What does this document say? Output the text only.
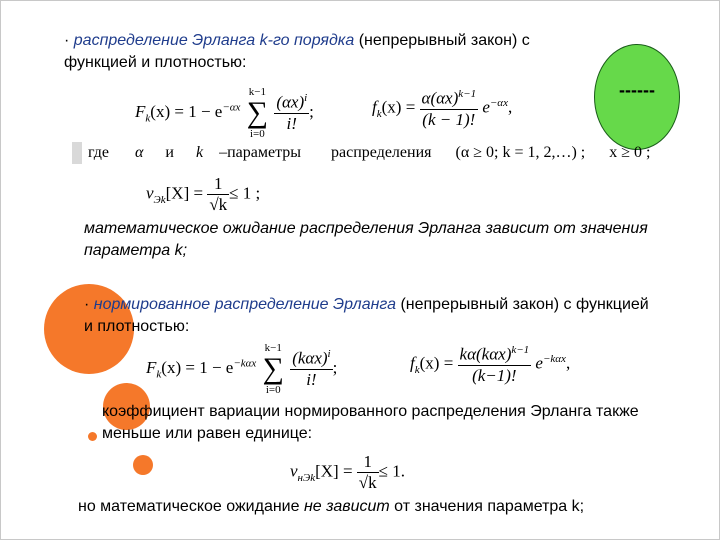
· распределение Эрланга k-го порядка (непрерывный закон) с функцией и плотностью:
------
$F_k(x) = 1 - e^{-\alpha x}$
k−1
∑
i=0

$\frac{(\alpha x)^i}{i!}$ ;	$f_k(x) = \frac{\alpha(\alpha x)^{k-1}}{(k - 1)!} e^{-\alpha x}$,
где α и k –параметры распределения (α ≥ 0; k = 1, 2,…) ; x ≥ 0 ;
$v_{Эk}[X] = \frac{1}{√k} \le 1$ ;
математическое ожидание распределения Эрланга зависит от значения параметра k;
· нормированное распределение Эрланга (непрерывный закон) с функцией и плотностью:
$F_k(x) = 1 - e^{-k\alpha x}$
k−1
∑
i=0

$\frac{(k\alpha x)^i}{i!}$ ;	$f_k(x) = \frac{k\alpha(k\alpha x)^{k-1}}{(k-1)!} e^{-k\alpha x}$,
коэффициент вариации нормированного распределения Эрланга также меньше или равен единице:
$v_{нЭk}[X] = \frac{1}{√k} \le 1$.
но математическое ожидание не зависит от значения параметра k;
